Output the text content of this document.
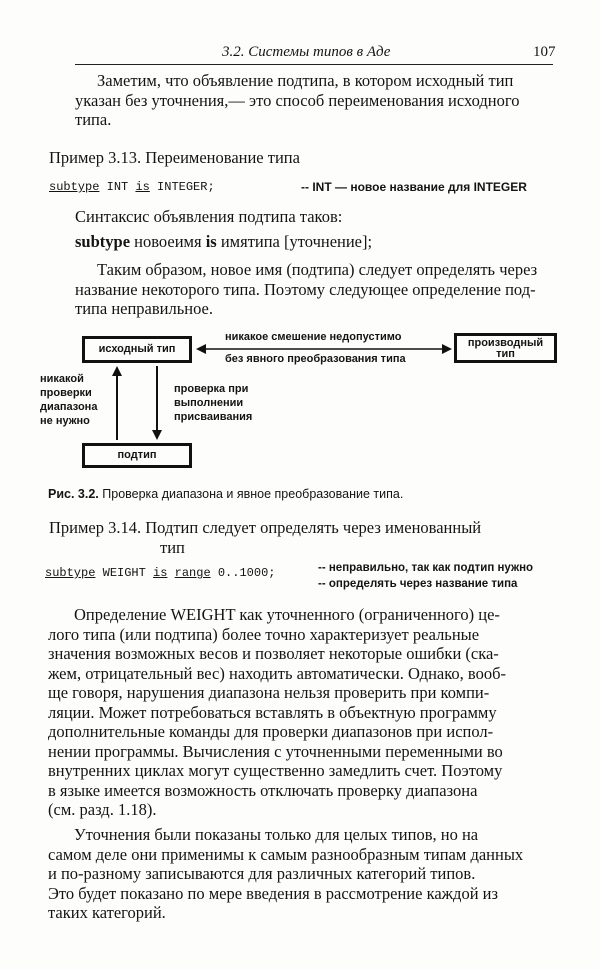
3.2. Системы типов в Аде	107
Заметим, что объявление подтипа, в котором исходный тип
указан без уточнения,— это способ переименования исходного
типа.
Пример 3.13. Переименование типа
subtype INT is INTEGER;	-- INT — новое название для INTEGER
Синтаксис объявления подтипа таков:
subtype новоеимя is имятипа [уточнение];
Таким образом, новое имя (подтипа) следует определять через
название некоторого типа. Поэтому следующее определение под-
типа неправильное.
исходный тип	производный
тип
подтип
никакое смешение недопустимо
без явного преобразования типа
никакой
проверки
диапазона
не нужно
проверка при
выполнении
присваивания
Рис. 3.2. Проверка диапазона и явное преобразование типа.
Пример 3.14. Подтип следует определять через именованный
тип
subtype WEIGHT is range 0..1000;	-- неправильно, так как подтип нужно
-- определять через название типа
Определение WEIGHT как уточненного (ограниченного) це-
лого типа (или подтипа) более точно характеризует реальные
значения возможных весов и позволяет некоторые ошибки (ска-
жем, отрицательный вес) находить автоматически. Однако, вооб-
ще говоря, нарушения диапазона нельзя проверить при компи-
ляции. Может потребоваться вставлять в объектную программу
дополнительные команды для проверки диапазонов при испол-
нении программы. Вычисления с уточненными переменными во
внутренних циклах могут существенно замедлить счет. Поэтому
в языке имеется возможность отключать проверку диапазона
(см. разд. 1.18).
Уточнения были показаны только для целых типов, но на
самом деле они применимы к самым разнообразным типам данных
и по-разному записываются для различных категорий типов.
Это будет показано по мере введения в рассмотрение каждой из
таких категорий.
